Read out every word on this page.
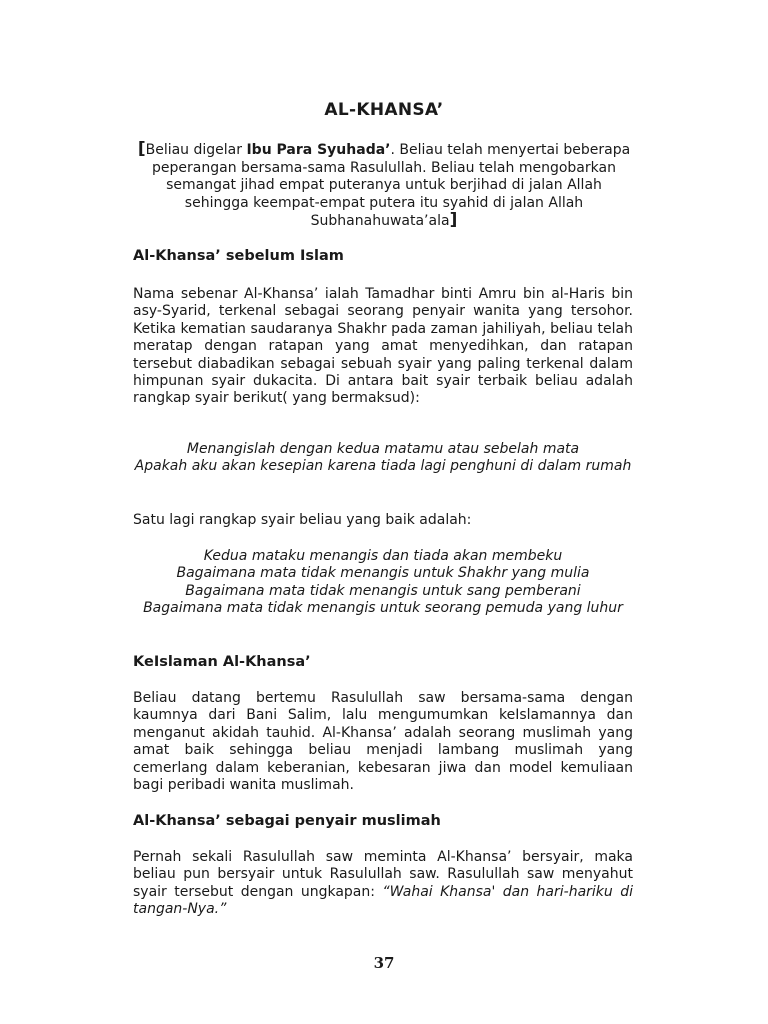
AL-KHANSA’
[Beliau digelar Ibu Para Syuhada’. Beliau telah menyertai beberapa peperangan bersama-sama Rasulullah. Beliau telah mengobarkan semangat jihad empat puteranya untuk berjihad di jalan Allah sehingga keempat-empat putera itu syahid di jalan Allah Subhanahuwata’ala]
Al-Khansa’ sebelum Islam
Nama sebenar Al-Khansa’ ialah Tamadhar binti Amru bin al-Haris bin asy-Syarid, terkenal sebagai seorang penyair wanita yang tersohor. Ketika kematian saudaranya Shakhr pada zaman jahiliyah, beliau telah meratap dengan ratapan yang amat menyedihkan, dan ratapan tersebut diabadikan sebagai sebuah syair yang paling terkenal dalam himpunan syair dukacita. Di antara bait syair terbaik beliau adalah rangkap syair berikut( yang bermaksud):
Menangislah dengan kedua matamu atau sebelah mata
Apakah aku akan kesepian karena tiada lagi penghuni di dalam rumah
Satu lagi rangkap syair beliau yang baik adalah:
Kedua mataku menangis dan tiada akan membeku
Bagaimana mata tidak menangis untuk Shakhr yang mulia
Bagaimana mata tidak menangis untuk sang pemberani
Bagaimana mata tidak menangis untuk seorang pemuda yang luhur
KeIslaman Al-Khansa’
Beliau datang bertemu Rasulullah saw bersama-sama dengan kaumnya dari Bani Salim, lalu mengumumkan keIslamannya dan menganut akidah tauhid. Al-Khansa’ adalah seorang muslimah yang amat baik sehingga beliau menjadi lambang muslimah yang cemerlang dalam keberanian, kebesaran jiwa dan model kemuliaan bagi peribadi wanita muslimah.
Al-Khansa’ sebagai penyair muslimah
Pernah sekali Rasulullah saw meminta Al-Khansa’ bersyair, maka beliau pun bersyair untuk Rasulullah saw. Rasulullah saw menyahut syair tersebut dengan ungkapan: “Wahai Khansa' dan hari-hariku di tangan-Nya.”
37
